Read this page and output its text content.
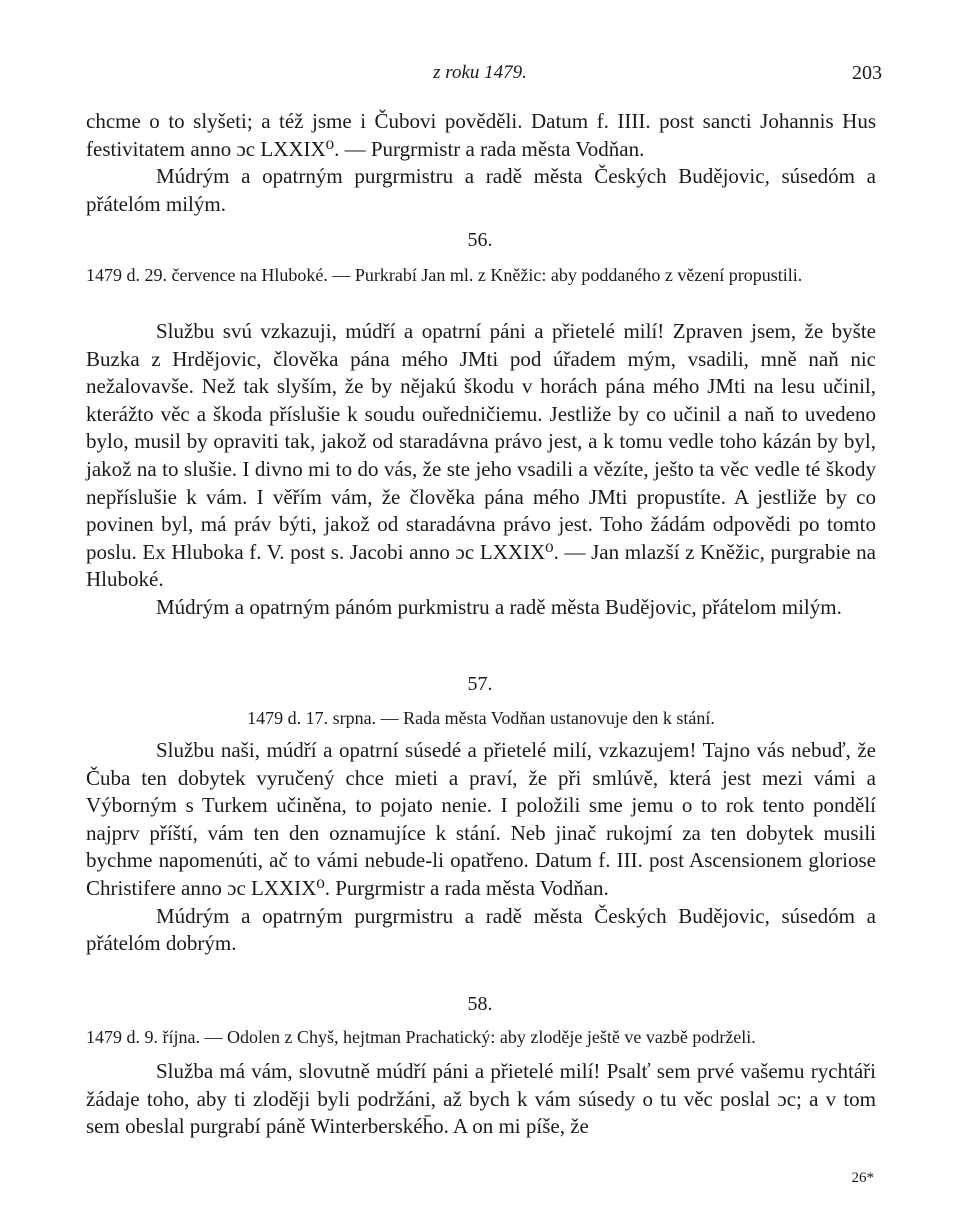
z roku 1479.	203

chcme o to slyšeti; a též jsme i Čubovi pověděli. Datum f. IIII. post sancti Johannis Hus festivitatem anno ɔc LXXIX⁰. — Purgrmistr a rada města Vodňan.

Múdrým a opatrným purgrmistru a radě města Českých Budějovic, súsedóm a přátelóm milým.

56.
1479 d. 29. července na Hluboké. — Purkrabí Jan ml. z Kněžic: aby poddaného z vězení propustili.

Službu svú vzkazuji, múdří a opatrní páni a přietelé milí! Zpraven jsem, že byšte Buzka z Hrdějovic, člověka pána mého JMti pod úřadem mým, vsadili, mně naň nic nežalovavše. Než tak slyším, že by nějakú škodu v horách pána mého JMti na lesu učinil, kterážto věc a škoda příslušie k soudu ouředničiemu. Jestliže by co učinil a naň to uvedeno bylo, musil by opraviti tak, jakož od staradávna právo jest, a k tomu vedle toho kázán by byl, jakož na to slušie. I divno mi to do vás, že ste jeho vsadili a vězíte, ješto ta věc vedle té škody nepříslušie k vám. I věřím vám, že člověka pána mého JMti propustíte. A jestliže by co povinen byl, má práv býti, jakož od staradávna právo jest. Toho žádám odpovědi po tomto poslu. Ex Hluboka f. V. post s. Jacobi anno ɔc LXXIX⁰. — Jan mlazší z Kněžic, purgrabie na Hluboké.

Múdrým a opatrným pánóm purkmistru a radě města Budějovic, přátelom milým.

57.
1479 d. 17. srpna. — Rada města Vodňan ustanovuje den k stání.

Službu naši, múdří a opatrní súsedé a přietelé milí, vzkazujem! Tajno vás nebuď, že Čuba ten dobytek vyručený chce mieti a praví, že při smlúvě, která jest mezi vámi a Výborným s Turkem učiněna, to pojato nenie. I položili sme jemu o to rok tento pondělí najprv příští, vám ten den oznamujíce k stání. Neb jinač rukojmí za ten dobytek musili bychme napomenúti, ač to vámi nebude-li opatřeno. Datum f. III. post Ascensionem gloriose Christifere anno ɔc LXXIX⁰. Purgrmistr a rada města Vodňan.

Múdrým a opatrným purgrmistru a radě města Českých Budějovic, súsedóm a přátelóm dobrým.

58.
1479 d. 9. října. — Odolen z Chyš, hejtman Prachatický: aby zloděje ještě ve vazbě podrželi.

Služba má vám, slovutně múdří páni a přietelé milí! Psalť sem prvé vašemu rychtáři žádaje toho, aby ti zloději byli podržáni, až bych k vám súsedy o tu věc poslal ɔc; a v tom sem obeslal purgrabí páně Winterberskéh̄o. A on mi píše, že

26*
